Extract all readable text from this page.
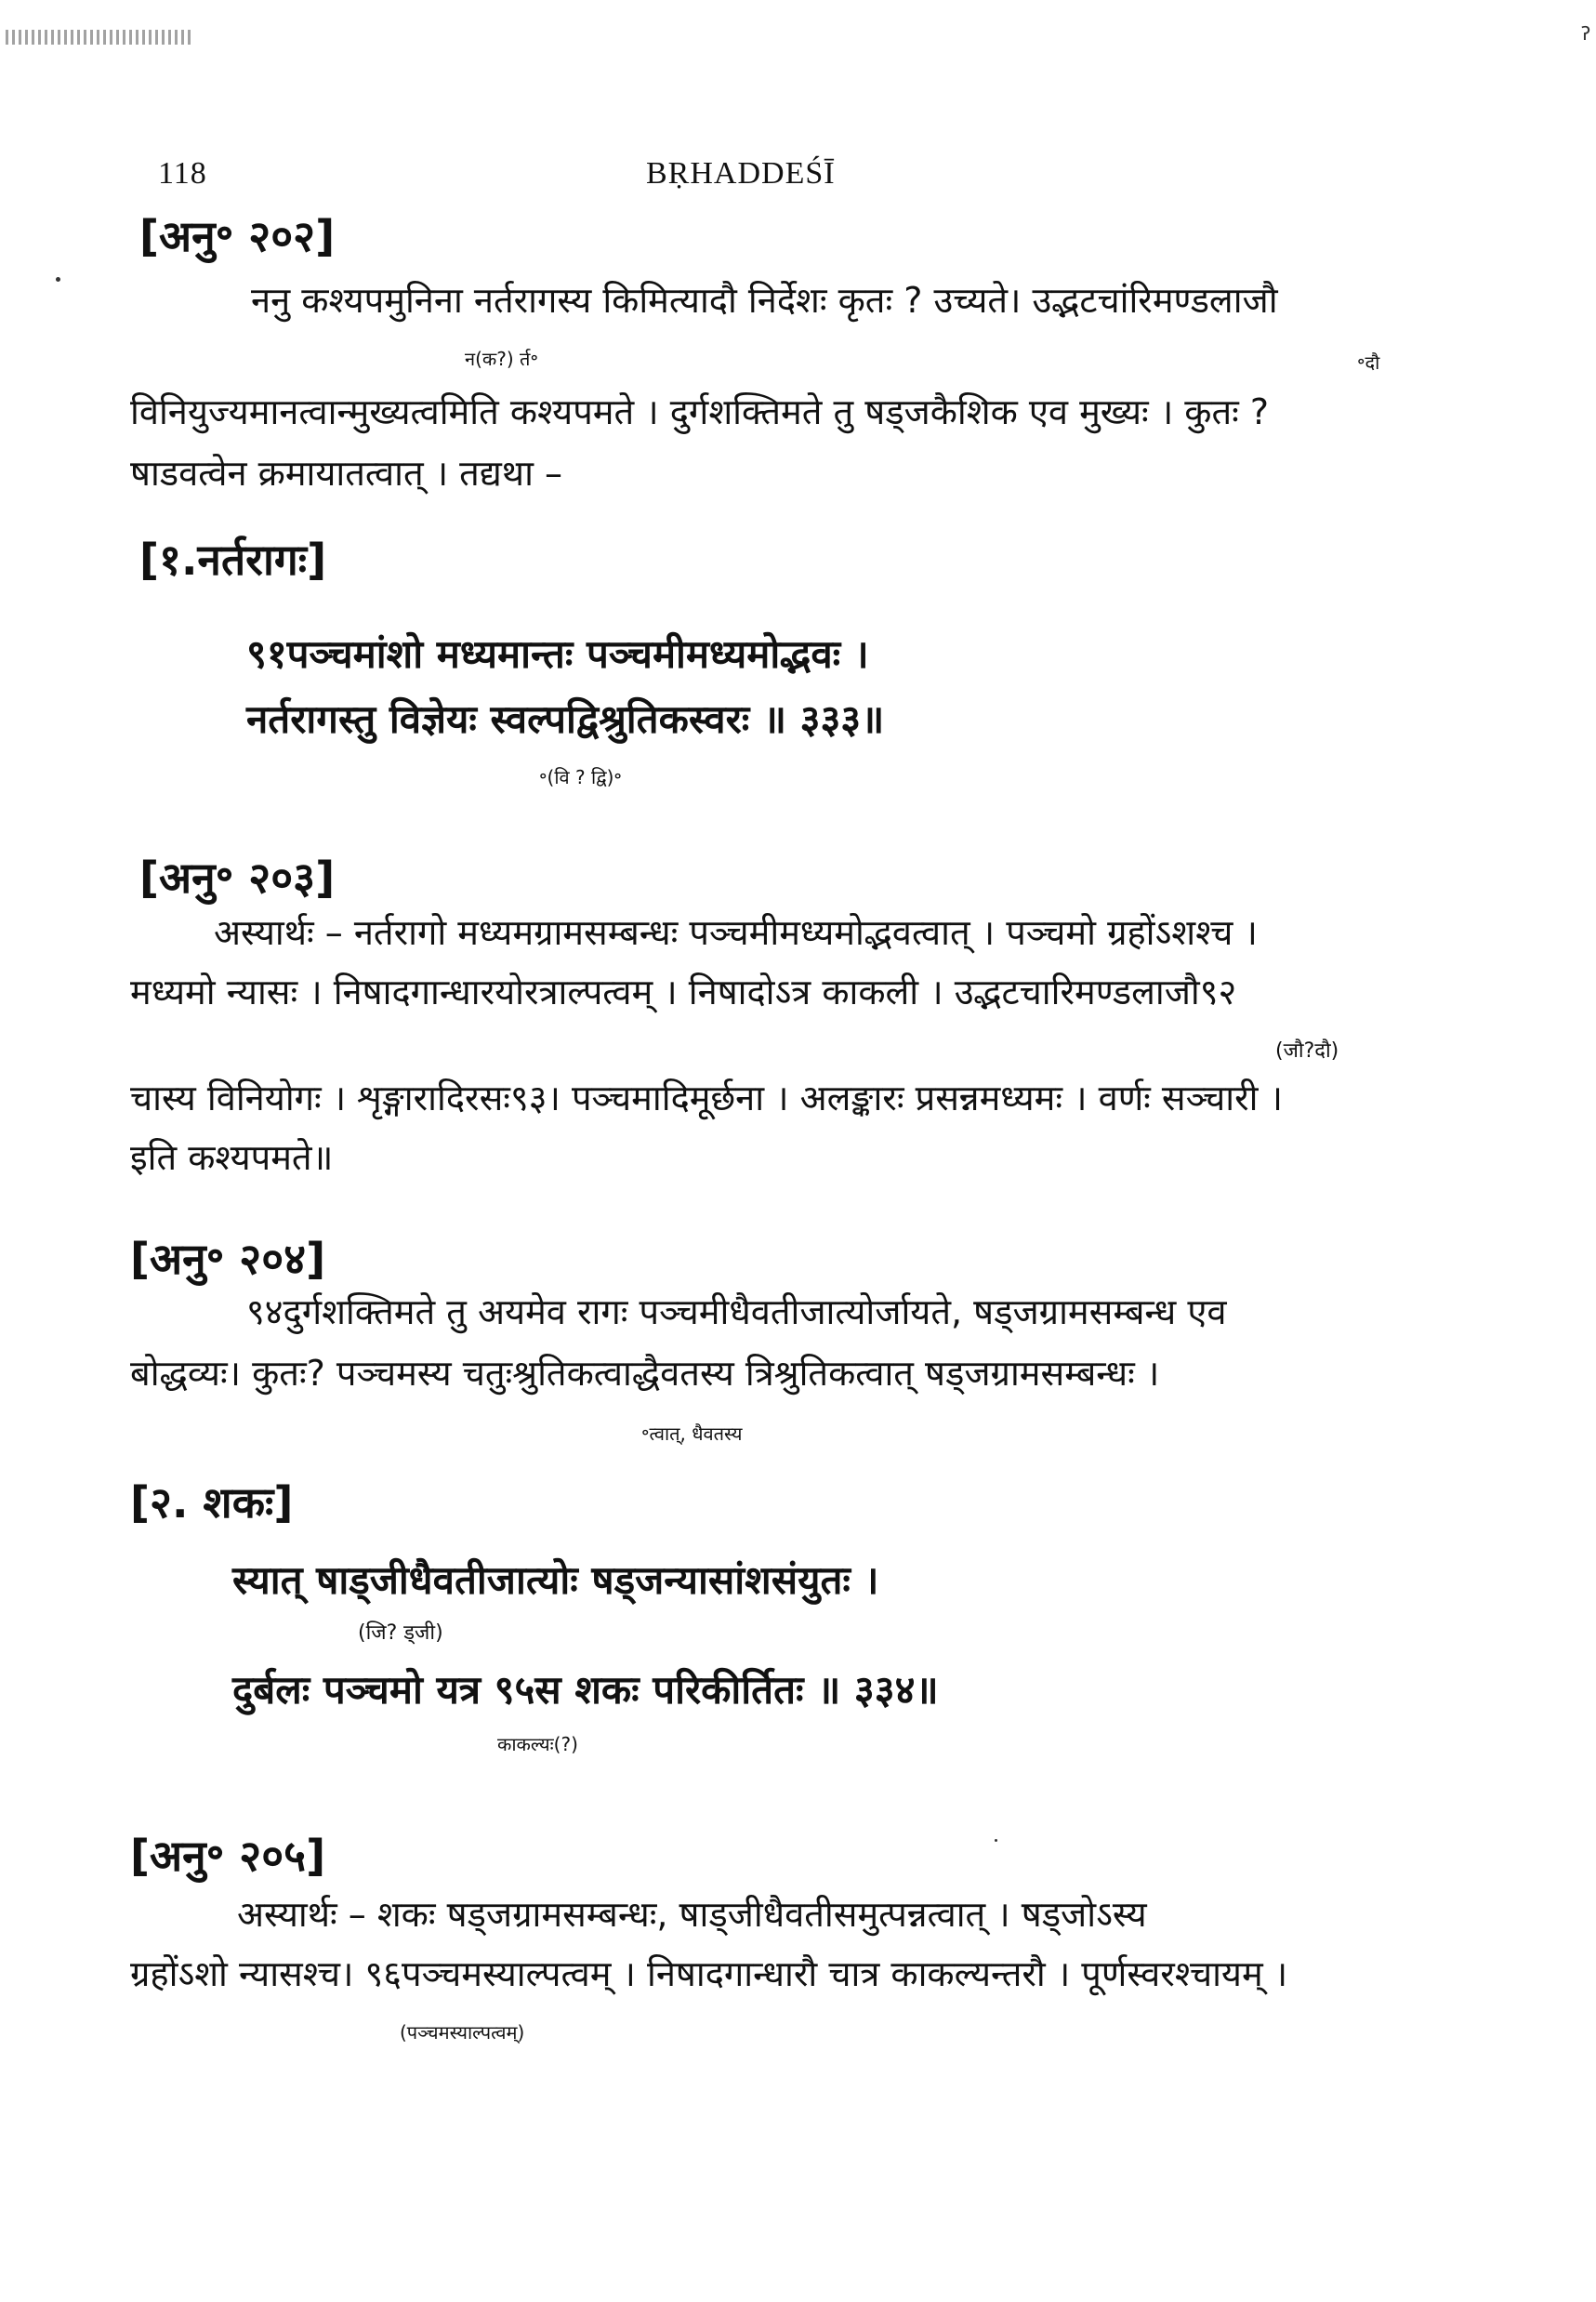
ॽ
118	BṚHADDEŚĪ
[अनु॰ २०२]
ननु कश्यपमुनिना नर्तरागस्य किमित्यादौ निर्देशः कृतः ? उच्यते। उद्भटचांरिमण्डलाजौ
न(क?) र्त॰	॰दौ
विनियुज्यमानत्वान्मुख्यत्वमिति कश्यपमते । दुर्गशक्तिमते तु षड्जकैशिक एव मुख्यः । कुतः ?
षाडवत्वेन क्रमायातत्वात् । तद्यथा –
[१.नर्तरागः]
९१पञ्चमांशो मध्यमान्तः पञ्चमीमध्यमोद्भवः ।
नर्तरागस्तु विज्ञेयः स्वल्पद्विश्रुतिकस्वरः ॥ ३३३॥
॰(वि ? द्वि)॰
[अनु॰ २०३]
अस्यार्थः – नर्तरागो मध्यमग्रामसम्बन्धः पञ्चमीमध्यमोद्भवत्वात् । पञ्चमो ग्रहोंऽशश्च ।
मध्यमो न्यासः । निषादगान्धारयोरत्राल्पत्वम् । निषादोऽत्र काकली । उद्भटचारिमण्डलाजौ९२
(जौ?दौ)
चास्य विनियोगः । शृङ्गारादिरसः९३। पञ्चमादिमूर्छना । अलङ्कारः प्रसन्नमध्यमः । वर्णः सञ्चारी ।
इति कश्यपमते॥
[अनु॰ २०४]
९४दुर्गशक्तिमते तु अयमेव रागः पञ्चमीधैवतीजात्योर्जायते, षड्जग्रामसम्बन्ध एव
बोद्धव्यः। कुतः? पञ्चमस्य चतुःश्रुतिकत्वाद्धैवतस्य त्रिश्रुतिकत्वात् षड्जग्रामसम्बन्धः ।
॰त्वात्, धैवतस्य
[२. शकः]
स्यात् षाड्जीधैवतीजात्योः षड्जन्यासांशसंयुतः ।
(जि? ड्जी)
दुर्बलः पञ्चमो यत्र ९५स शकः परिकीर्तितः ॥ ३३४॥
काकल्यः(?)
[अनु॰ २०५]
अस्यार्थः – शकः षड्जग्रामसम्बन्धः, षाड्जीधैवतीसमुत्पन्नत्वात् । षड्जोऽस्य
ग्रहोंऽशो न्यासश्च। ९६पञ्चमस्याल्पत्वम् । निषादगान्धारौ चात्र काकल्यन्तरौ । पूर्णस्वरश्चायम् ।
(पञ्चमस्याल्पत्वम्)
